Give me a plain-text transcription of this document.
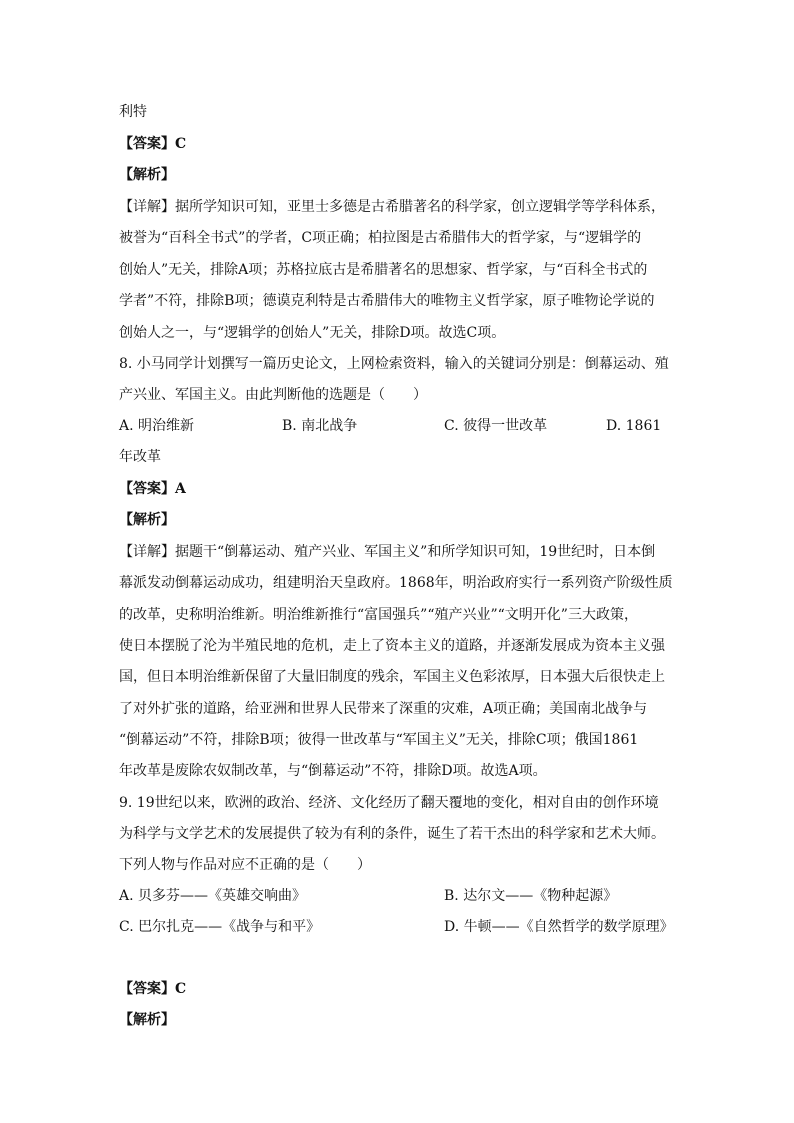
利特
【答案】C
【解析】
【详解】据所学知识可知，亚里士多德是古希腊著名的科学家，创立逻辑学等学科体系，
被誉为“百科全书式”的学者，C项正确；柏拉图是古希腊伟大的哲学家，与“逻辑学的
创始人”无关，排除A项；苏格拉底古是希腊著名的思想家、哲学家，与“百科全书式的
学者”不符，排除B项；德谟克利特是古希腊伟大的唯物主义哲学家，原子唯物论学说的
创始人之一，与“逻辑学的创始人”无关，排除D项。故选C项。
8. 小马同学计划撰写一篇历史论文，上网检索资料，输入的关键词分别是：倒幕运动、殖
产兴业、军国主义。由此判断他的选题是（　　）
A. 明治维新	B. 南北战争	C. 彼得一世改革	D. 1861
年改革
【答案】A
【解析】
【详解】据题干“倒幕运动、殖产兴业、军国主义”和所学知识可知，19世纪时，日本倒
幕派发动倒幕运动成功，组建明治天皇政府。1868年，明治政府实行一系列资产阶级性质
的改革，史称明治维新。明治维新推行“富国强兵”“殖产兴业”“文明开化”三大政策，
使日本摆脱了沦为半殖民地的危机，走上了资本主义的道路，并逐渐发展成为资本主义强
国，但日本明治维新保留了大量旧制度的残余，军国主义色彩浓厚，日本强大后很快走上
了对外扩张的道路，给亚洲和世界人民带来了深重的灾难，A项正确；美国南北战争与
“倒幕运动”不符，排除B项；彼得一世改革与“军国主义”无关，排除C项；俄国1861
年改革是废除农奴制改革，与“倒幕运动”不符，排除D项。故选A项。
9. 19世纪以来，欧洲的政治、经济、文化经历了翻天覆地的变化，相对自由的创作环境
为科学与文学艺术的发展提供了较为有利的条件，诞生了若干杰出的科学家和艺术大师。
下列人物与作品对应不正确的是（　　）
A. 贝多芬——《英雄交响曲》	B. 达尔文——《物种起源》
C. 巴尔扎克——《战争与和平》	D. 牛顿——《自然哲学的数学原理》
【答案】C
【解析】
